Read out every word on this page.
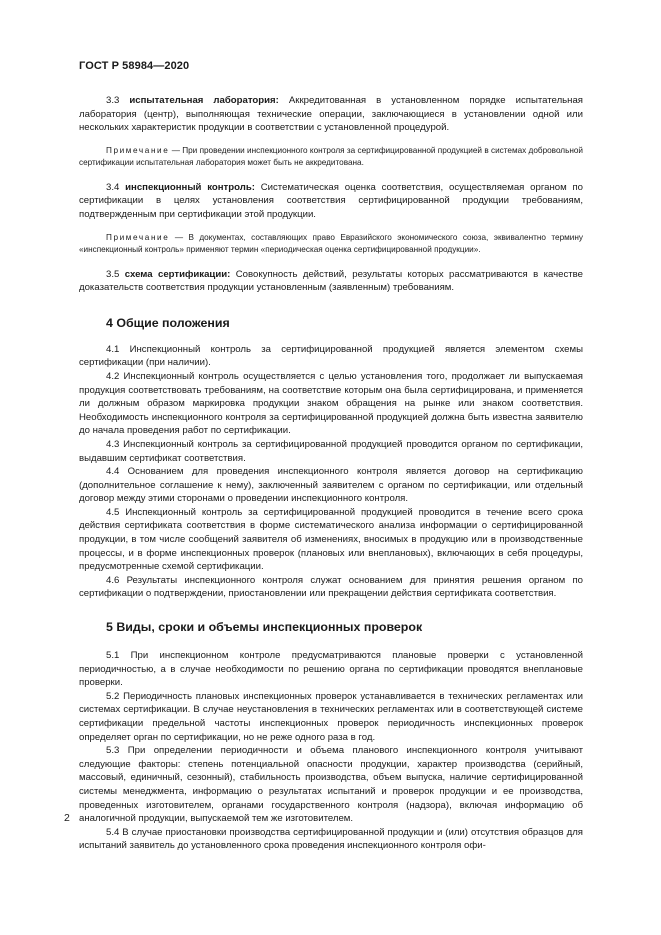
ГОСТ Р 58984—2020

3.3 испытательная лаборатория: Аккредитованная в установленном порядке испытательная лаборатория (центр), выполняющая технические операции, заключающиеся в установлении одной или нескольких характеристик продукции в соответствии с установленной процедурой.

Примечание — При проведении инспекционного контроля за сертифицированной продукцией в системах добровольной сертификации испытательная лаборатория может быть не аккредитована.

3.4 инспекционный контроль: Систематическая оценка соответствия, осуществляемая органом по сертификации в целях установления соответствия сертифицированной продукции требованиям, подтвержденным при сертификации этой продукции.

Примечание — В документах, составляющих право Евразийского экономического союза, эквивалентно термину «инспекционный контроль» применяют термин «периодическая оценка сертифицированной продукции».

3.5 схема сертификации: Совокупность действий, результаты которых рассматриваются в качестве доказательств соответствия продукции установленным (заявленным) требованиям.

4 Общие положения

4.1 Инспекционный контроль за сертифицированной продукцией является элементом схемы сертификации (при наличии).

4.2 Инспекционный контроль осуществляется с целью установления того, продолжает ли выпускаемая продукция соответствовать требованиям, на соответствие которым она была сертифицирована, и применяется ли должным образом маркировка продукции знаком обращения на рынке или знаком соответствия. Необходимость инспекционного контроля за сертифицированной продукцией должна быть известна заявителю до начала проведения работ по сертификации.

4.3 Инспекционный контроль за сертифицированной продукцией проводится органом по сертификации, выдавшим сертификат соответствия.

4.4 Основанием для проведения инспекционного контроля является договор на сертификацию (дополнительное соглашение к нему), заключенный заявителем с органом по сертификации, или отдельный договор между этими сторонами о проведении инспекционного контроля.

4.5 Инспекционный контроль за сертифицированной продукцией проводится в течение всего срока действия сертификата соответствия в форме систематического анализа информации о сертифицированной продукции, в том числе сообщений заявителя об изменениях, вносимых в продукцию или в производственные процессы, и в форме инспекционных проверок (плановых или внеплановых), включающих в себя процедуры, предусмотренные схемой сертификации.

4.6 Результаты инспекционного контроля служат основанием для принятия решения органом по сертификации о подтверждении, приостановлении или прекращении действия сертификата соответствия.

5 Виды, сроки и объемы инспекционных проверок

5.1 При инспекционном контроле предусматриваются плановые проверки с установленной периодичностью, а в случае необходимости по решению органа по сертификации проводятся внеплановые проверки.

5.2 Периодичность плановых инспекционных проверок устанавливается в технических регламентах или системах сертификации. В случае неустановления в технических регламентах или в соответствующей системе сертификации предельной частоты инспекционных проверок периодичность инспекционных проверок определяет орган по сертификации, но не реже одного раза в год.

5.3 При определении периодичности и объема планового инспекционного контроля учитывают следующие факторы: степень потенциальной опасности продукции, характер производства (серийный, массовый, единичный, сезонный), стабильность производства, объем выпуска, наличие сертифицированной системы менеджмента, информацию о результатах испытаний и проверок продукции и ее производства, проведенных изготовителем, органами государственного контроля (надзора), включая информацию об аналогичной продукции, выпускаемой тем же изготовителем.

5.4 В случае приостановки производства сертифицированной продукции и (или) отсутствия образцов для испытаний заявитель до установленного срока проведения инспекционного контроля офи-

2
